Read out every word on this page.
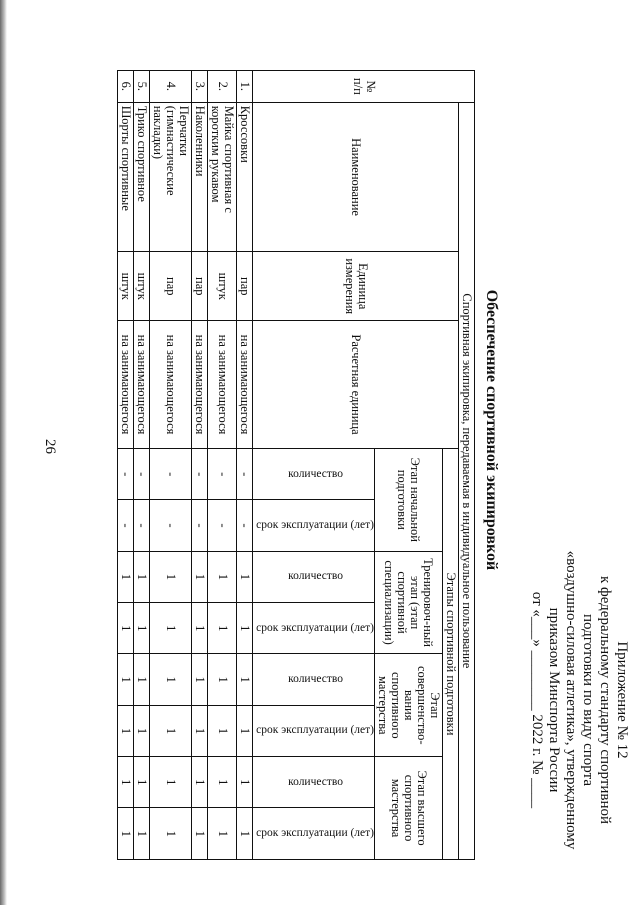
26
Приложение № 12
к федеральному стандарту спортивной
подготовки по виду спорта
«воздушно-силовая атлетика», утвержденному
приказом Минспорта России
от «___» ________ 2022 г. № ____
Обеспечение спортивной экипировкой
№ п/п	Спортивная экипировка, передаваемая в индивидуальное пользование										
	Наименование	Единица измерения	Расчетная единица	Этапы спортивной подготовки							
				Этап начальной подготовки		Тренировоч-ный этап (этап спортивной специализации)		Этап совершенство-вания спортивного мастерства		Этап высшего спортивного мастерства	
				количество	срок эксплуатации (лет)	количество	срок эксплуатации (лет)	количество	срок эксплуатации (лет)	количество	срок эксплуатации (лет)
1.	Кроссовки	пар	на занимающегося	-	-	1	1	1	1	1	1
2.	Майка спортивная с коротким рукавом	штук	на занимающегося	-	-	1	1	1	1	1	1
3.	Наколенники	пар	на занимающегося	-	-	1	1	1	1	1	1
4.	Перчатки (гимнастические накладки)	пар	на занимающегося	-	-	1	1	1	1	1	1
5.	Трико спортивное	штук	на занимающегося	-	-	1	1	1	1	1	1
6.	Шорты спортивные	штук	на занимающегося	-	-	1	1	1	1	1	1
